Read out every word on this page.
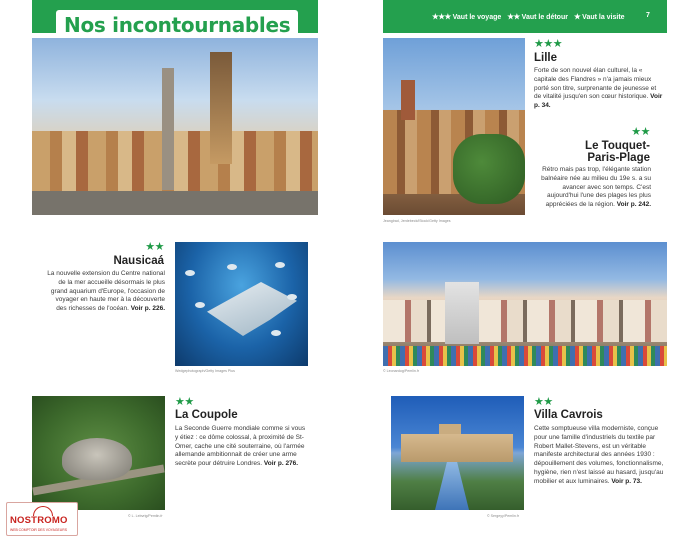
Nos incontournables	★★★ Vaut le voyage ★★ Vaut le détour ★ Vaut la visite	7
Jeanglrad, Jerdebeck/iStock/Getty Images
Wedgephotograph/Getty Images Plus	© Leonardog/Pemlin.fr
© L. Lebvrig/Pemlin.fr	© Sergeyy/Pemlin.fr
★★★
Lille
Forte de son nouvel élan culturel, la « capitale des Flandres » n'a jamais mieux porté son titre, surprenante de jeunesse et de vitalité jusqu'en son cœur historique. Voir p. 34.
★★
Le Touquet-
Paris-Plage
Rétro mais pas trop, l'élégante station balnéaire née au milieu du 19e s. a su avancer avec son temps. C'est aujourd'hui l'une des plages les plus appréciées de la région. Voir p. 242.
★★
Nausicaá
La nouvelle extension du Centre national de la mer accueille désormais le plus grand aquarium d'Europe, l'occasion de voyager en haute mer à la découverte des richesses de l'océan. Voir p. 226.
★★
La Coupole
La Seconde Guerre mondiale comme si vous y étiez : ce dôme colossal, à proximité de St-Omer, cache une cité souterraine, où l'armée allemande ambitionnait de créer une arme secrète pour détruire Londres. Voir p. 276.
★★
Villa Cavrois
Cette somptueuse villa moderniste, conçue pour une famille d'industriels du textile par Robert Mallet-Stevens, est un véritable manifeste architectural des années 1930 : dépouillement des volumes, fonctionnalisme, hygiène, rien n'est laissé au hasard, jusqu'au mobilier et aux luminaires. Voir p. 73.
NOSTROMO
WEB COMPTOIR DES VOYAGEURS
